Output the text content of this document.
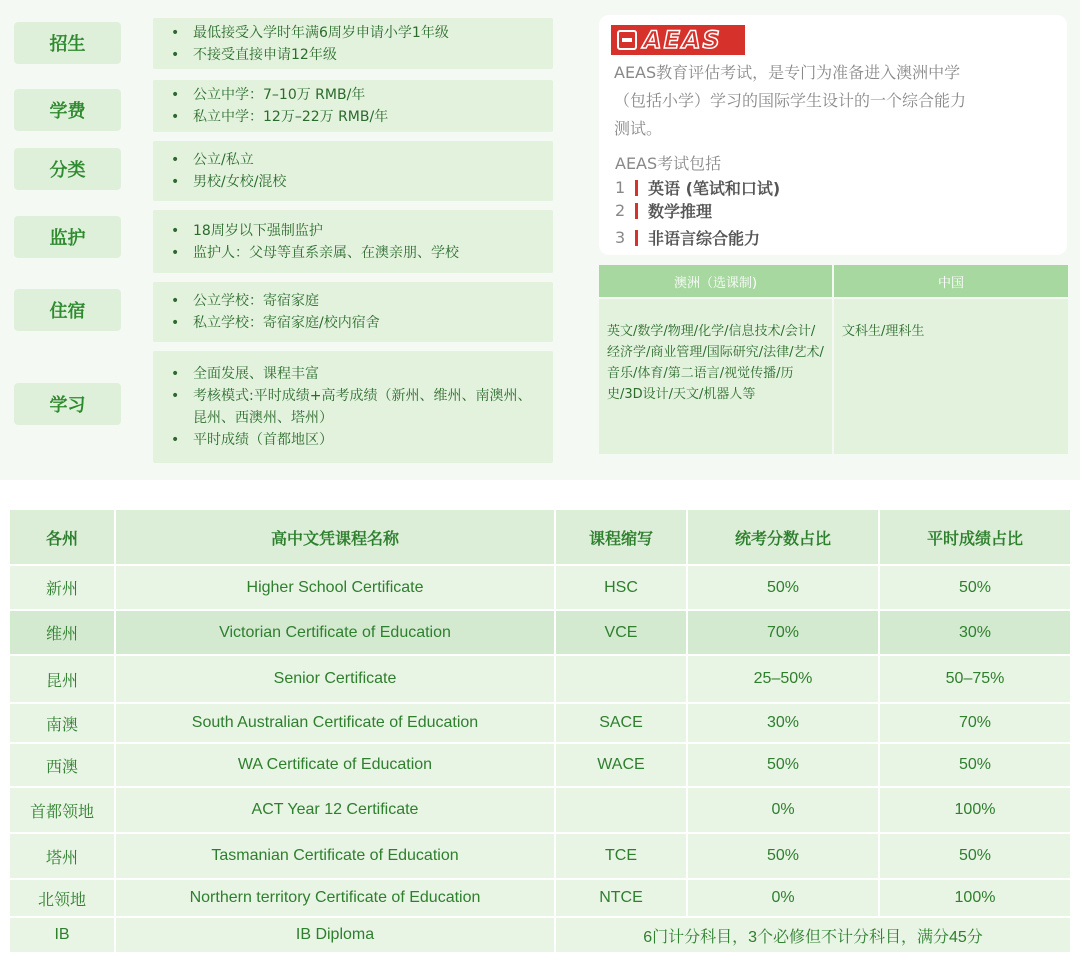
招生
• 最低接受入学时年满6周岁申请小学1年级
• 不接受直接申请12年级
学费
• 公立中学：7–10万 RMB/年
• 私立中学：12万–22万 RMB/年
分类	• 公立/私立
• 男校/女校/混校
监护	• 18周岁以下强制监护
• 监护人：父母等直系亲属、在澳亲朋、学校
住宿	• 公立学校：寄宿家庭
• 私立学校：寄宿家庭/校内宿舍
学习
• 全面发展、课程丰富
• 考核模式:平时成绩+高考成绩（新州、维州、南澳州、昆州、西澳州、塔州）
• 平时成绩（首都地区）
AEAS
AEAS教育评估考试，是专门为准备进入澳洲中学（包括小学）学习的国际学生设计的一个综合能力测试。
AEAS考试包括
1 英语 (笔试和口试)
2 数学推理
3 非语言综合能力
澳洲（选课制)	中国
英文/数学/物理/化学/信息技术/会计/经济学/商业管理/国际研究/法律/艺术/音乐/体育/第二语言/视觉传播/历史/3D设计/天文/机器人等
文科生/理科生
各州	高中文凭课程名称	课程缩写	统考分数占比	平时成绩占比
新州	Higher School Certificate	HSC	50%	50%
维州	Victorian Certificate of Education	VCE	70%	30%
昆州	Senior Certificate		25–50%	50–75%
南澳	South Australian Certificate of Education	SACE	30%	70%
西澳	WA Certificate of Education	WACE	50%	50%
首都领地	ACT Year 12 Certificate		0%	100%
塔州	Tasmanian Certificate of Education	TCE	50%	50%
北领地	Northern territory Certificate of Education	NTCE	0%	100%
IB	IB Diploma	6门计分科目，3个必修但不计分科目，满分45分		
